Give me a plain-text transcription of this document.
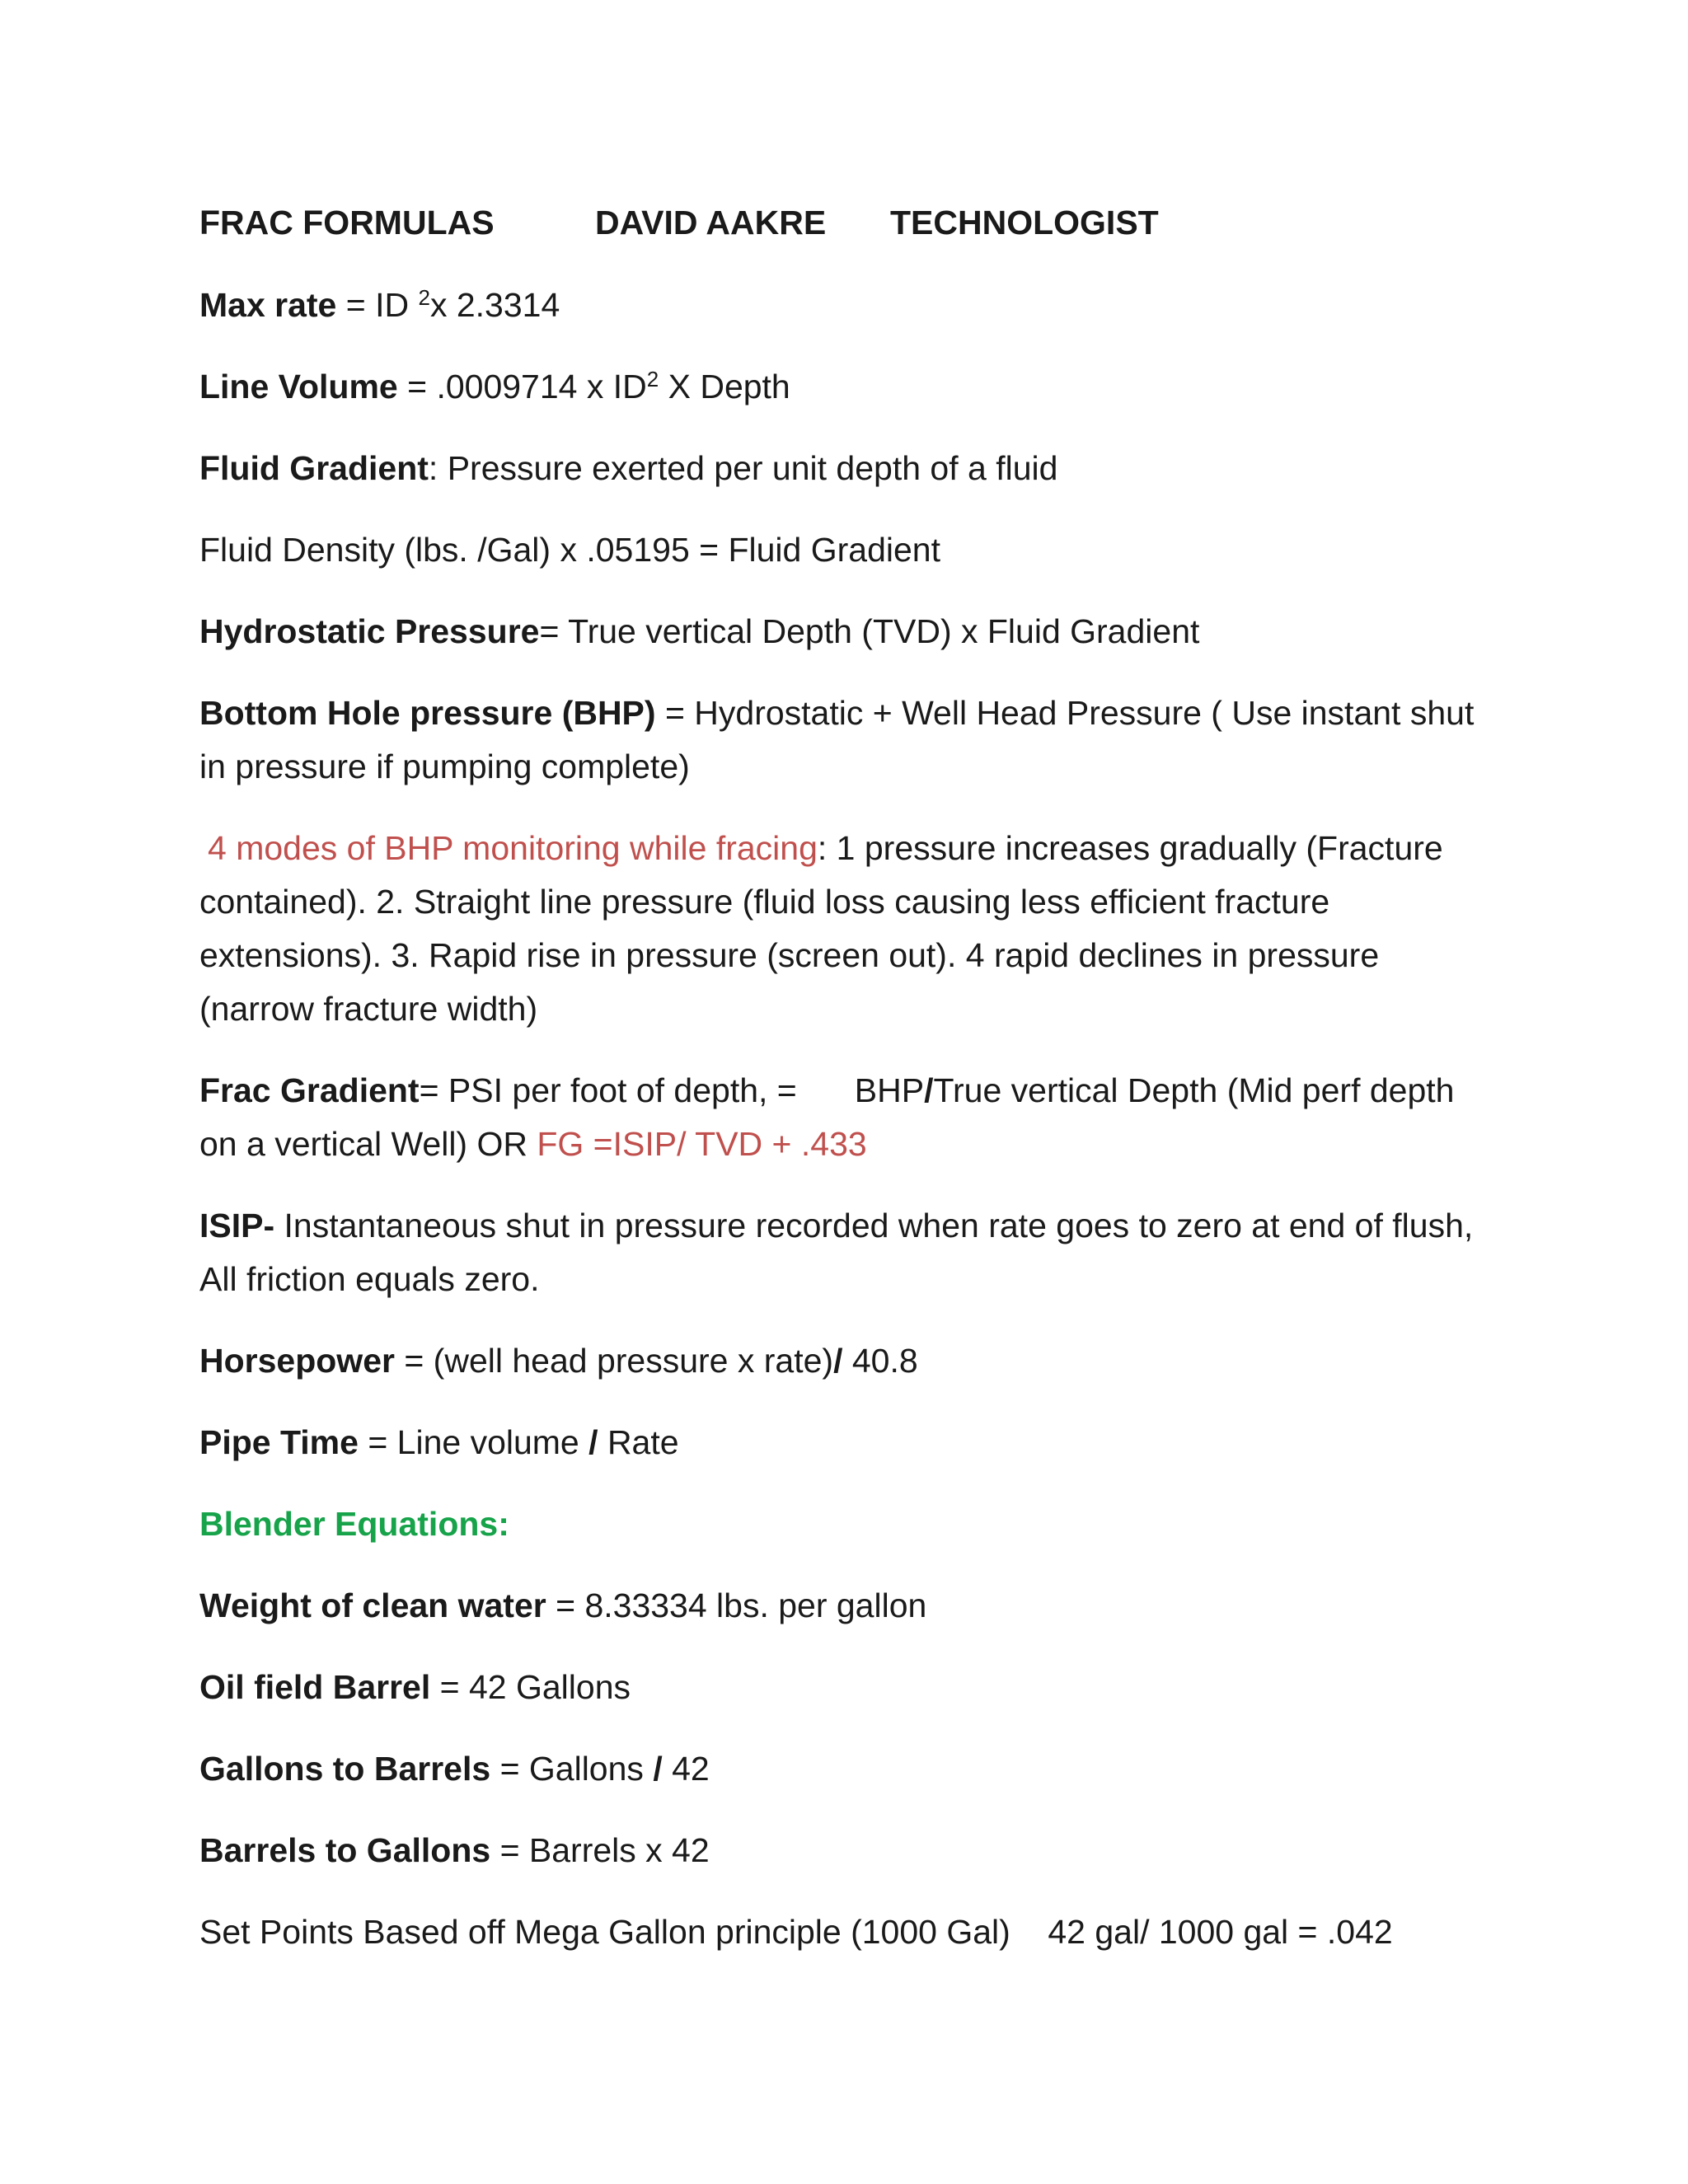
FRAC FORMULAS	DAVID AAKRE TECHNOLOGIST

Max rate = ID $^2$x 2.3314

Line Volume = .0009714 x $ID^2$ X Depth

Fluid Gradient: Pressure exerted per unit depth of a fluid

Fluid Density (lbs. /Gal) x .05195 = Fluid Gradient

Hydrostatic Pressure= True vertical Depth (TVD) x Fluid Gradient

Bottom Hole pressure (BHP) = Hydrostatic + Well Head Pressure ( Use instant shut in pressure if pumping complete)

4 modes of BHP monitoring while fracing: 1 pressure increases gradually (Fracture contained). 2. Straight line pressure (fluid loss causing less efficient fracture extensions). 3. Rapid rise in pressure (screen out). 4 rapid declines in pressure (narrow fracture width)

Frac Gradient= PSI per foot of depth, = BHP/True vertical Depth (Mid perf depth on a vertical Well) OR FG =ISIP/ TVD + .433

ISIP- Instantaneous shut in pressure recorded when rate goes to zero at end of flush, All friction equals zero.

Horsepower = (well head pressure x rate)/ 40.8

Pipe Time = Line volume / Rate

Blender Equations:

Weight of clean water = 8.33334 lbs. per gallon

Oil field Barrel = 42 Gallons

Gallons to Barrels = Gallons / 42

Barrels to Gallons = Barrels x 42

Set Points Based off Mega Gallon principle (1000 Gal)    42 gal/ 1000 gal = .042
